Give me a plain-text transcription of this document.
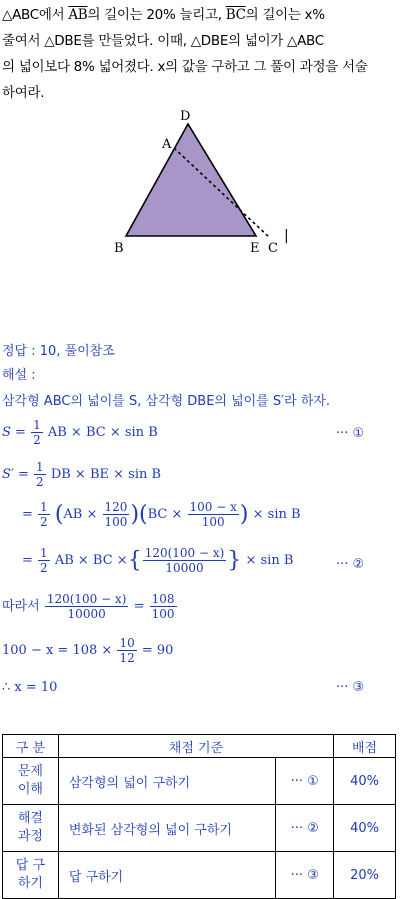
△ABC에서 $\overline{AB}$의 길이는 20% 늘리고, $\overline{BC}$의 길이는 x%

줄여서 △DBE를 만들었다. 이때, △DBE의 넓이가 △ABC

의 넓이보다 8% 넓어졌다. x의 값을 구하고 그 풀이 과정을 서술

하여라.

D
A
B	E C
|
정답 : 10, 풀이참조
해설 :
삼각형 ABC의 넓이를 S, 삼각형 DBE의 넓이를 S′라 하자.
$S = \frac{1}{2}$ AB × BC × sin B	··· ①
$S' = \frac{1}{2}$ DB × BE × sin B
= $\frac{1}{2} (AB \times \frac{120}{100} )(BC \times \frac{100 - x}{100}$ ) × sin B
= $\frac{1}{2}$ AB × BC ×{ $\frac{120(100 - x)}{10000}$ } × sin B	··· ②
따라서 $\frac{120(100 - x)}{10000} = \frac{108}{100}$
$100 - x = 108 \times \frac{10}{12} = 90$
∴ x = 10	··· ③
구 분	채점 기준		배점
문제
이해	삼각형의 넓이 구하기	··· ①	40%
해결
과정	변화된 삼각형의 넓이 구하기	··· ②	40%
답 구
하기	답 구하기	··· ③	20%
